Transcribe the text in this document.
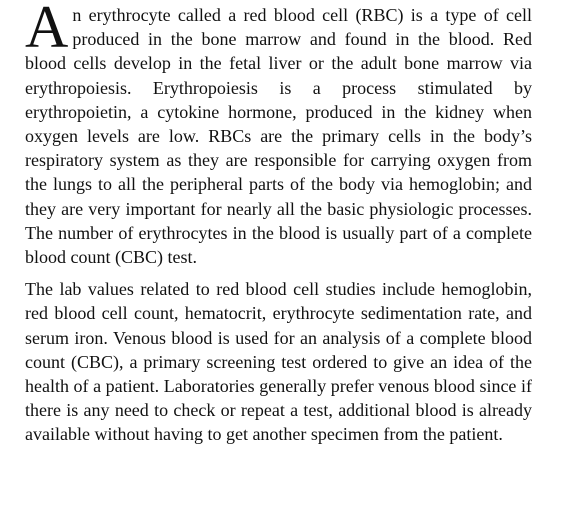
An erythrocyte called a red blood cell (RBC) is a type of cell produced in the bone marrow and found in the blood. Red blood cells develop in the fetal liver or the adult bone marrow via erythropoiesis. Erythropoiesis is a process stimulated by erythropoietin, a cytokine hormone, produced in the kidney when oxygen levels are low. RBCs are the primary cells in the body’s respiratory system as they are responsible for carrying oxygen from the lungs to all the peripheral parts of the body via hemoglobin; and they are very important for nearly all the basic physiologic processes. The number of erythrocytes in the blood is usually part of a complete blood count (CBC) test.

The lab values related to red blood cell studies include hemoglobin, red blood cell count, hematocrit, erythrocyte sedimentation rate, and serum iron. Venous blood is used for an analysis of a complete blood count (CBC), a primary screening test ordered to give an idea of the health of a patient. Laboratories generally prefer venous blood since if there is any need to check or repeat a test, additional blood is already available without having to get another specimen from the patient.
